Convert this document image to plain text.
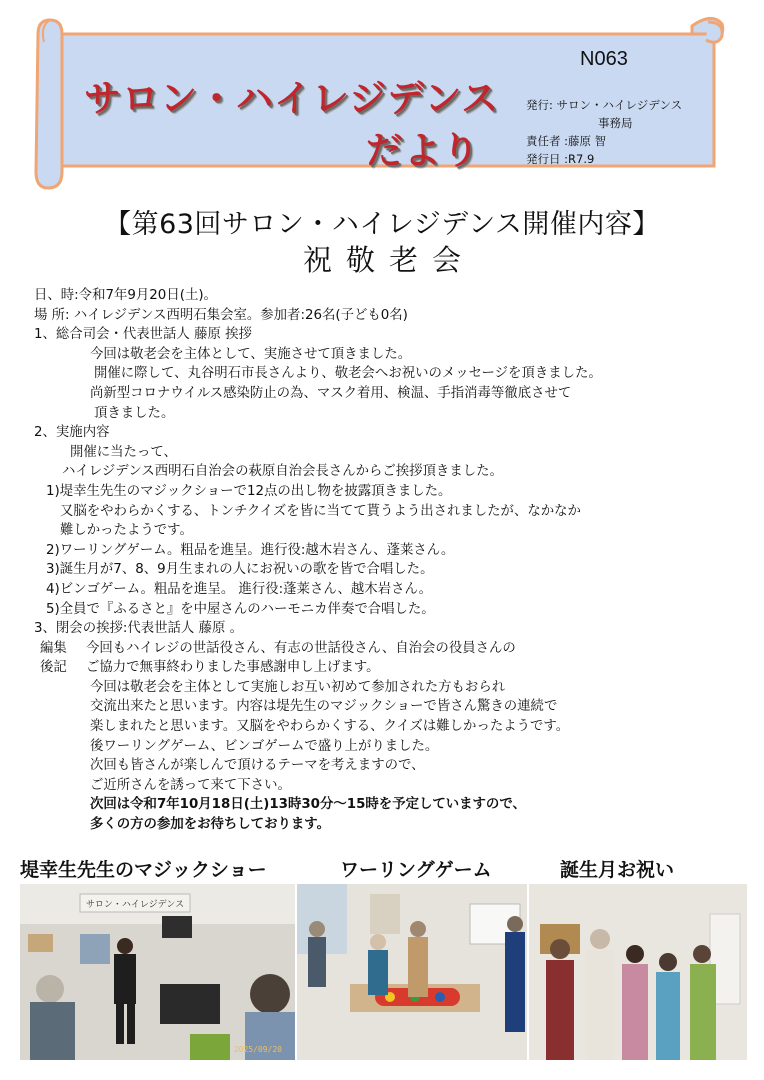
サロン・ハイレジデンス
だより
N063
発行: サロン・ハイレジデンス
事務局
責任者 :藤原 智
発行日 :R7.9
【第63回サロン・ハイレジデンス開催内容】
祝敬老会
日、時:令和7年9月20日(土)。
場 所: ハイレジデンス西明石集会室。参加者:26名(子ども0名)
1、総合司会・代表世話人 藤原 挨拶
今回は敬老会を主体として、実施させて頂きました。
開催に際して、丸谷明石市長さんより、敬老会へお祝いのメッセージを頂きました。
尚新型コロナウイルス感染防止の為、マスク着用、検温、手指消毒等徹底させて
頂きました。
2、実施内容
開催に当たって、
ハイレジデンス西明石自治会の萩原自治会長さんからご挨拶頂きました。
1)堤幸生先生のマジックショーで12点の出し物を披露頂きました。
又脳をやわらかくする、トンチクイズを皆に当てて貰うよう出されましたが、なかなか
難しかったようです。
2)ワーリングゲーム。粗品を進呈。進行役:越木岩さん、蓬莱さん。
3)誕生月が7、8、9月生まれの人にお祝いの歌を皆で合唱した。
4)ビンゴゲーム。粗品を進呈。 進行役:蓬莱さん、越木岩さん。
5)全員で『ふるさと』を中屋さんのハーモニカ伴奏で合唱した。
3、閉会の挨拶:代表世話人 藤原 。
編集 今回もハイレジの世話役さん、有志の世話役さん、自治会の役員さんの
後記 ご協力で無事終わりました事感謝申し上げます。
今回は敬老会を主体として実施しお互い初めて参加された方もおられ
交流出来たと思います。内容は堤先生のマジックショーで皆さん驚きの連続で
楽しまれたと思います。又脳をやわらかくする、クイズは難しかったようです。
後ワーリングゲーム、ビンゴゲームで盛り上がりました。
次回も皆さんが楽しんで頂けるテーマを考えますので、
ご近所さんを誘って来て下さい。
次回は令和7年10月18日(土)13時30分～15時を予定していますので、
多くの方の参加をお待ちしております。
堤幸生先生のマジックショー	ワーリングゲーム	誕生月お祝い
サロン・ハイレジデンス
2025/09/20
